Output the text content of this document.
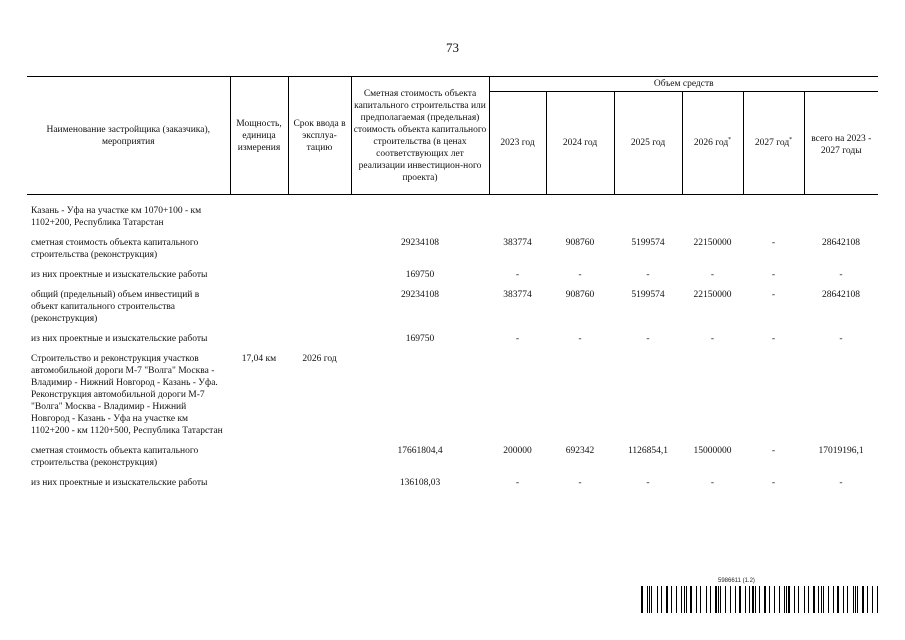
73
Наименование застройщика (заказчика), мероприятия	Мощность, единица измерения	Срок ввода в эксплуа-тацию	Сметная стоимость объекта капитального строительства или предполагаемая (предельная) стоимость объекта капитального строительства (в ценах соответствующих лет реализации инвестицион-ного проекта)	Объем средств					
				2023 год	2024 год	2025 год	2026 год*	2027 год*	всего на 2023 - 2027 годы

Казань - Уфа на участке км 1070+100 - км 1102+200, Республика Татарстан									
сметная стоимость объекта капитального строительства (реконструкция)			29234108	383774	908760	5199574	22150000	-	28642108
из них проектные и изыскательские работы			169750	-	-	-	-	-	-
общий (предельный) объем инвестиций в объект капитального строительства (реконструкция)			29234108	383774	908760	5199574	22150000	-	28642108
из них проектные и изыскательские работы			169750	-	-	-	-	-	-
Строительство и реконструкция участков автомобильной дороги М-7 "Волга" Москва - Владимир - Нижний Новгород - Казань - Уфа. Реконструкция автомобильной дороги М-7 "Волга" Москва - Владимир - Нижний Новгород - Казань - Уфа на участке км 1102+200 - км 1120+500, Республика Татарстан	17,04 км	2026 год							
сметная стоимость объекта капитального строительства (реконструкция)			17661804,4	200000	692342	1126854,1	15000000	-	17019196,1
из них проектные и изыскательские работы			136108,03	-	-	-	-	-	-
5986611 (1.2)
